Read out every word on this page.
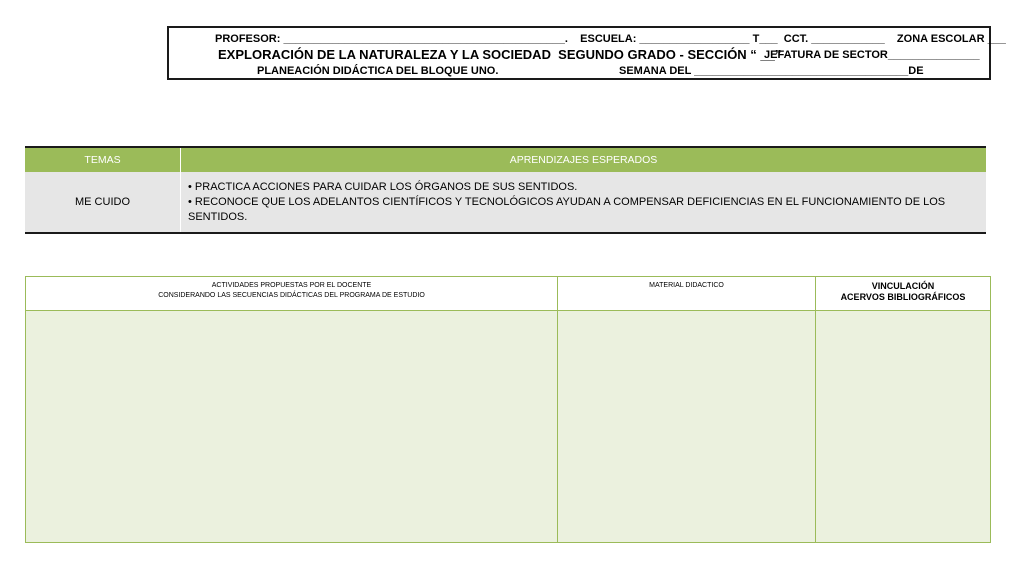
PROFESOR: ______________________________________________.    ESCUELA: __________________ T___  CCT. ____________    ZONA ESCOLAR ___
EXPLORACIÓN DE LA NATURALEZA Y LA SOCIEDAD  SEGUNDO GRADO - SECCIÓN “ __”
JEFATURA DE SECTOR_______________
PLANEACIÓN DIDÁCTICA DEL BLOQUE UNO.	SEMANA DEL ___________________________________DE
TEMAS	APRENDIZAJES ESPERADOS
ME CUIDO	• PRACTICA ACCIONES PARA CUIDAR LOS ÓRGANOS DE SUS SENTIDOS.
• RECONOCE QUE LOS ADELANTOS CIENTÍFICOS Y TECNOLÓGICOS AYUDAN A COMPENSAR DEFICIENCIAS EN EL FUNCIONAMIENTO DE LOS SENTIDOS.
ACTIVIDADES PROPUESTAS POR EL DOCENTE
CONSIDERANDO LAS SECUENCIAS DIDÁCTICAS DEL PROGRAMA DE ESTUDIO	MATERIAL DIDACTICO	VINCULACIÓN
ACERVOS BIBLIOGRÁFICOS
